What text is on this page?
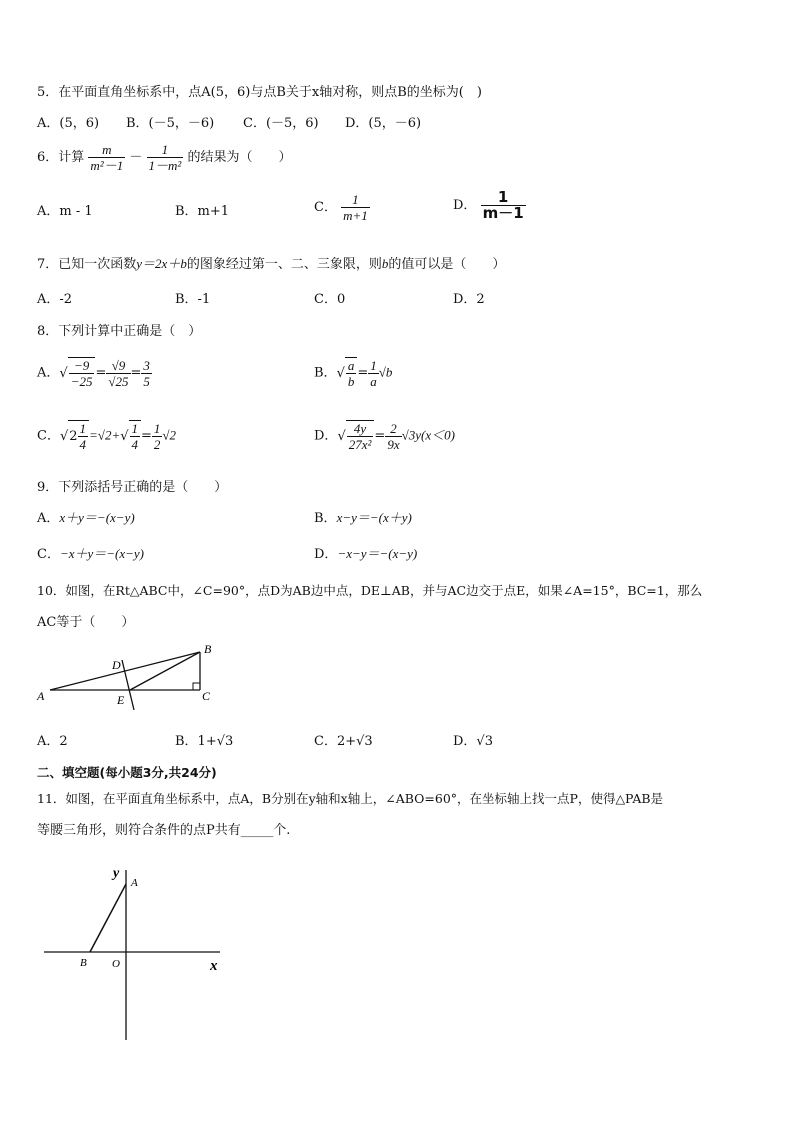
5．在平面直角坐标系中，点A(5，6)与点B关于x轴对称，则点B的坐标为(　)
A．(5，6) B．(－5，－6) C．(－5，6) D．(5，－6)
6．计算 $\frac{m}{\text{m²－1}} - \frac{1}{\text{1－m²}}$ 的结果为（　　）
A．m - 1	B．m+1	C． $\frac{1}{m+1}$	D． $\frac{1}{m-1}$
7．已知一次函数y＝2x＋b的图象经过第一、二、三象限，则b的值可以是（　　）
A．-2	B．-1	C．0	D．2
8．下列计算中正确是（　）
A．√ $\frac{-9}{-25} = \frac{√9}{√25} = \frac{3}{5}$	B．√ $\frac{a}{b} = \frac{1}{a} √b$
C．$√2 \frac{1}{4} =√2+√ \frac{1}{4} = \frac{1}{2} √2$	D．√ $\frac{4y}{\text{27x²}} = \frac{2}{9x} √3y(x<0)$
9．下列添括号正确的是（　　）
A．x＋y＝−(x−y)	B．x−y＝−(x＋y)
C．−x＋y＝−(x−y)	D．−x−y＝−(x−y)
10．如图，在Rt△ABC中，∠C=90°，点D为AB边中点，DE⊥AB，并与AC边交于点E，如果∠A=15°，BC=1，那么
AC等于（　　）
A
B
C
D
E
A．2	B．1+√3	C．2+√3	D．√3
二、填空题(每小题3分,共24分)
11．如图，在平面直角坐标系中，点A，B分别在y轴和x轴上，∠ABO=60°，在坐标轴上找一点P，使得△PAB是
等腰三角形，则符合条件的点P共有_____个.
y
A
B O	x
